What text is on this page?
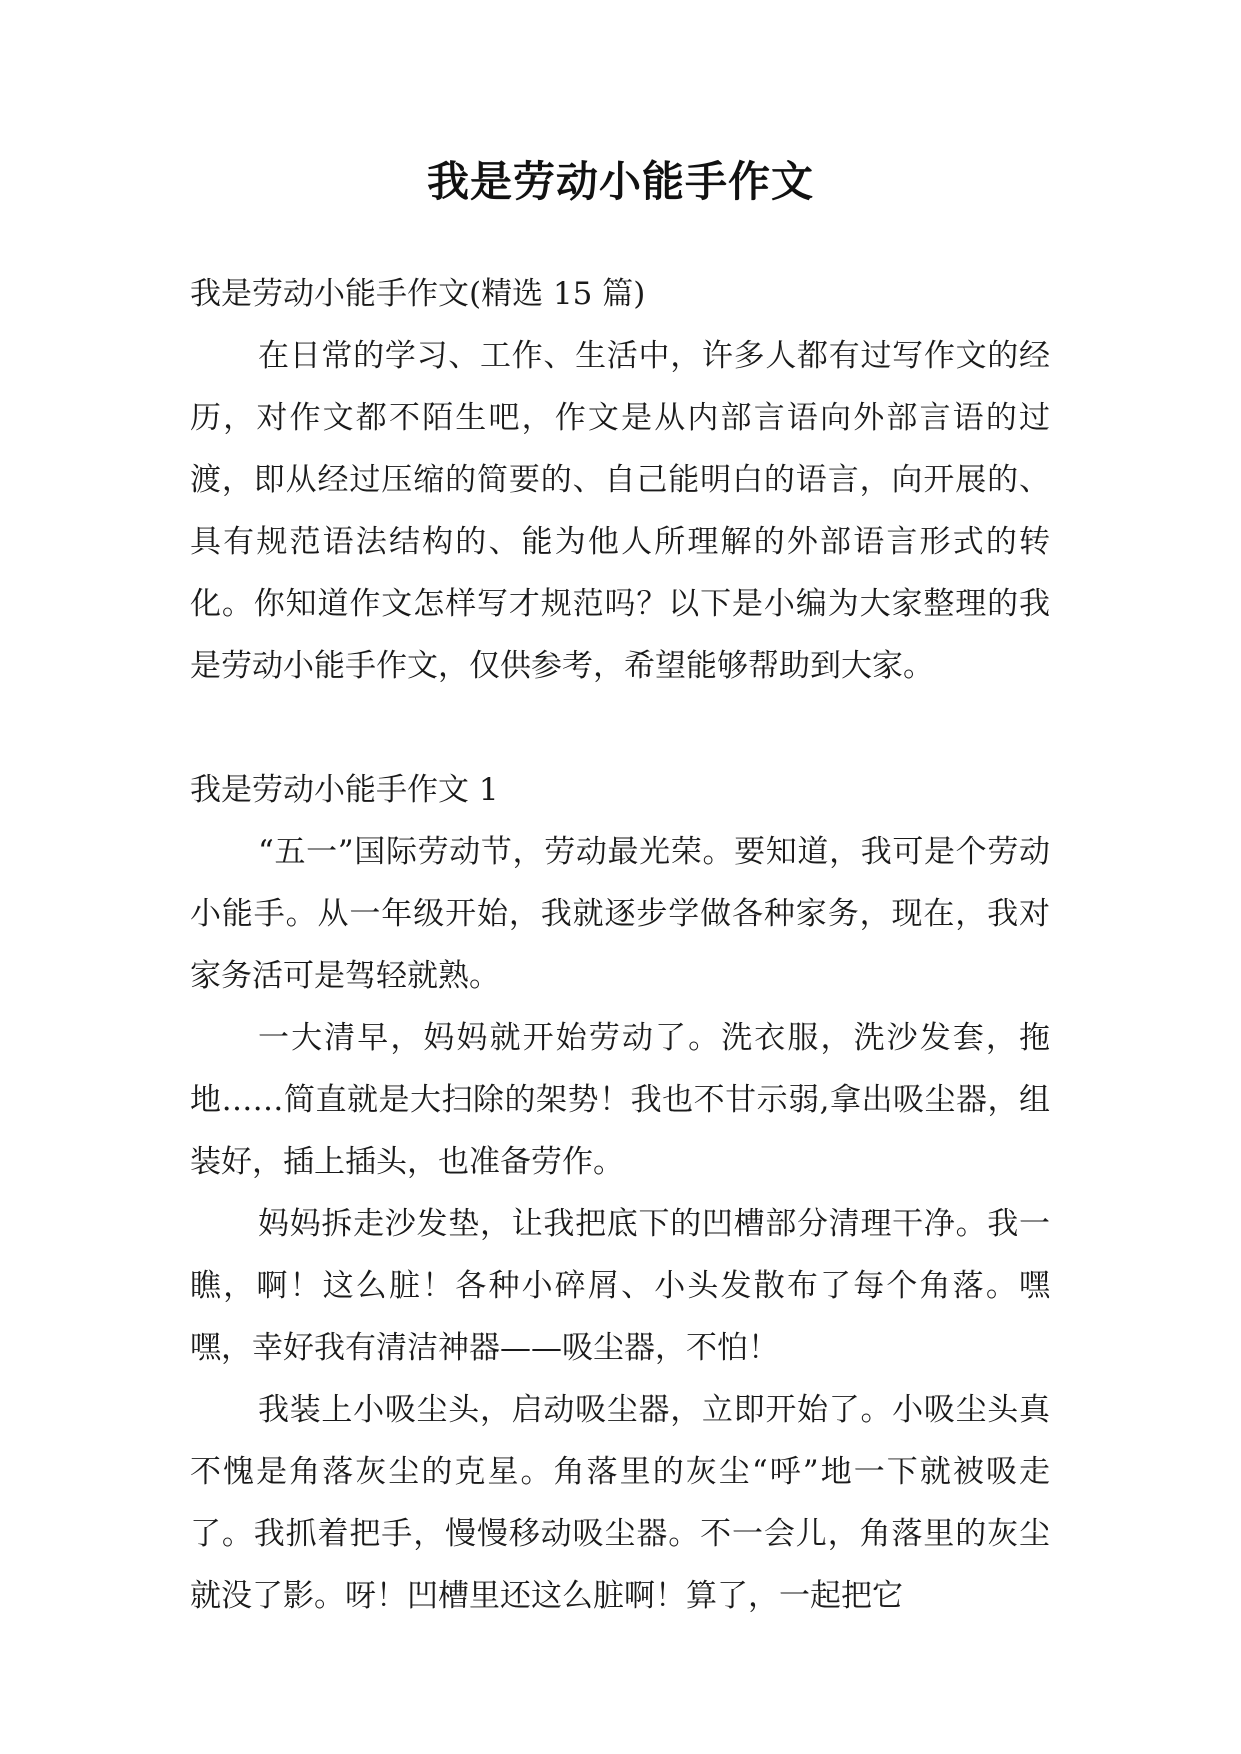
我是劳动小能手作文

我是劳动小能手作文(精选 15 篇)

在日常的学习、工作、生活中，许多人都有过写作文的经历，对作文都不陌生吧，作文是从内部言语向外部言语的过渡，即从经过压缩的简要的、自己能明白的语言，向开展的、具有规范语法结构的、能为他人所理解的外部语言形式的转化。你知道作文怎样写才规范吗？以下是小编为大家整理的我是劳动小能手作文，仅供参考，希望能够帮助到大家。

我是劳动小能手作文 1

“五一”国际劳动节，劳动最光荣。要知道，我可是个劳动小能手。从一年级开始，我就逐步学做各种家务，现在，我对家务活可是驾轻就熟。

一大清早，妈妈就开始劳动了。洗衣服，洗沙发套，拖地……简直就是大扫除的架势！我也不甘示弱,拿出吸尘器，组装好，插上插头，也准备劳作。

妈妈拆走沙发垫，让我把底下的凹槽部分清理干净。我一瞧，啊！这么脏！各种小碎屑、小头发散布了每个角落。嘿嘿，幸好我有清洁神器——吸尘器，不怕！

我装上小吸尘头，启动吸尘器，立即开始了。小吸尘头真不愧是角落灰尘的克星。角落里的灰尘“呼”地一下就被吸走了。我抓着把手，慢慢移动吸尘器。不一会儿，角落里的灰尘就没了影。呀！凹槽里还这么脏啊！算了，一起把它
